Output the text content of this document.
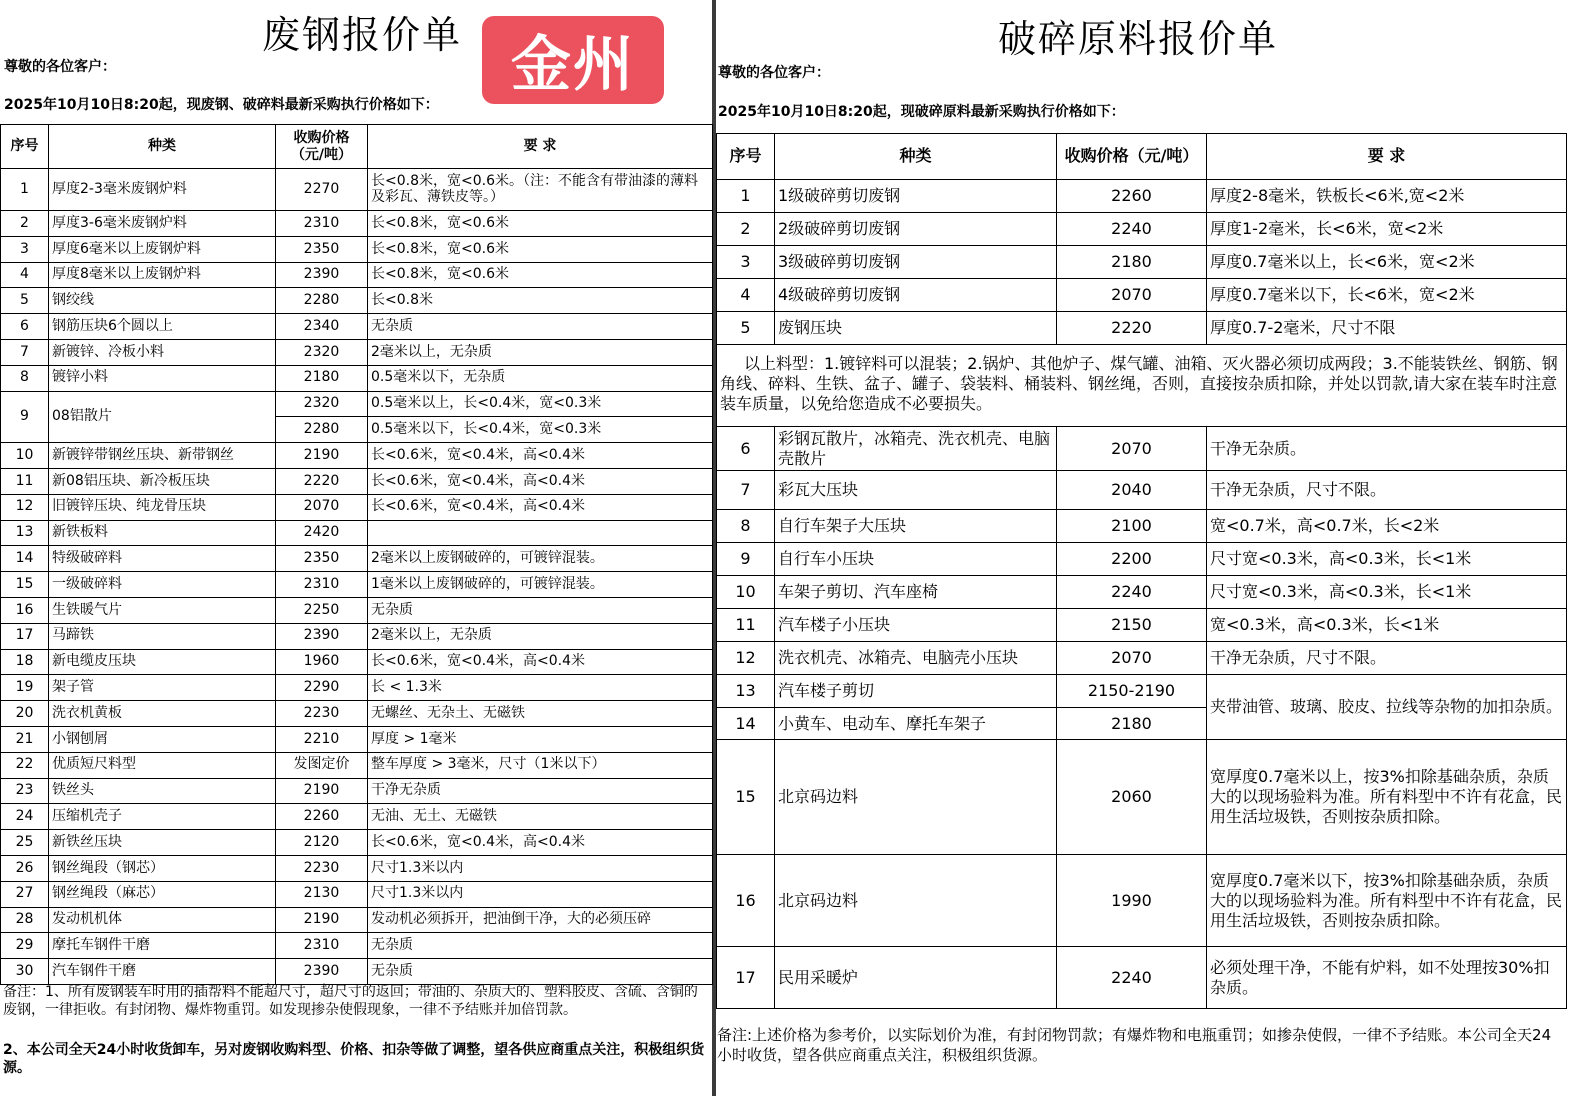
废钢报价单
尊敬的各位客户：
2025年10月10日8:20起，现废钢、破碎料最新采购执行价格如下：
序号	种类	收购价格（元/吨）	要 求
1	厚度2-3毫米废钢炉料	2270	长<0.8米，宽<0.6米。（注：不能含有带油漆的薄料及彩瓦、薄铁皮等。）
2	厚度3-6毫米废钢炉料	2310	长<0.8米，宽<0.6米
3	厚度6毫米以上废钢炉料	2350	长<0.8米，宽<0.6米
4	厚度8毫米以上废钢炉料	2390	长<0.8米，宽<0.6米
5	钢绞线	2280	长<0.8米
6	钢筋压块6个圆以上	2340	无杂质
7	新镀锌、冷板小料	2320	2毫米以上，无杂质
8	镀锌小料	2180	0.5毫米以下，无杂质
9	08铝散片	2320	0.5毫米以上，长<0.4米，宽<0.3米
		2280	0.5毫米以下，长<0.4米，宽<0.3米
10	新镀锌带钢丝压块、新带钢丝	2190	长<0.6米，宽<0.4米，高<0.4米
11	新08铝压块、新冷板压块	2220	长<0.6米，宽<0.4米，高<0.4米
12	旧镀锌压块、纯龙骨压块	2070	长<0.6米，宽<0.4米，高<0.4米
13	新铁板料	2420	
14	特级破碎料	2350	2毫米以上废钢破碎的，可镀锌混装。
15	一级破碎料	2310	1毫米以上废钢破碎的，可镀锌混装。
16	生铁暖气片	2250	无杂质
17	马蹄铁	2390	2毫米以上，无杂质
18	新电缆皮压块	1960	长<0.6米，宽<0.4米，高<0.4米
19	架子管	2290	长 < 1.3米
20	洗衣机黄板	2230	无螺丝、无杂土、无磁铁
21	小钢刨屑	2210	厚度 > 1毫米
22	优质短尺料型	发图定价	整车厚度 > 3毫米，尺寸（1米以下）
23	铁丝头	2190	干净无杂质
24	压缩机壳子	2260	无油、无土、无磁铁
25	新铁丝压块	2120	长<0.6米，宽<0.4米，高<0.4米
26	钢丝绳段（钢芯）	2230	尺寸1.3米以内
27	钢丝绳段（麻芯）	2130	尺寸1.3米以内
28	发动机机体	2190	发动机必须拆开，把油倒干净，大的必须压碎
29	摩托车钢件干磨	2310	无杂质
30	汽车钢件干磨	2390	无杂质
备注：1、所有废钢装车时用的插帮料不能超尺寸，超尺寸的返回；带油的、杂质大的、塑料胶皮、含硫、含铜的废钢，一律拒收。有封闭物、爆炸物重罚。如发现掺杂使假现象，一律不予结账并加倍罚款。
2、本公司全天24小时收货卸车，另对废钢收购料型、价格、扣杂等做了调整，望各供应商重点关注，积极组织货源。
金州	破碎原料报价单
尊敬的各位客户：
2025年10月10日8:20起，现破碎原料最新采购执行价格如下：
序号	种类	收购价格（元/吨）	要 求
1	1级破碎剪切废钢	2260	厚度2-8毫米，铁板长<6米,宽<2米
2	2级破碎剪切废钢	2240	厚度1-2毫米，长<6米，宽<2米
3	3级破碎剪切废钢	2180	厚度0.7毫米以上，长<6米，宽<2米
4	4级破碎剪切废钢	2070	厚度0.7毫米以下，长<6米，宽<2米
5	废钢压块	2220	厚度0.7-2毫米，尺寸不限
以上料型：1.镀锌料可以混装；2.锅炉、其他炉子、煤气罐、油箱、灭火器必须切成两段；3.不能装铁丝、钢筋、钢角线、碎料、生铁、盆子、罐子、袋装料、桶装料、钢丝绳，否则，直接按杂质扣除，并处以罚款,请大家在装车时注意装车质量，以免给您造成不必要损失。			
6	彩钢瓦散片，冰箱壳、洗衣机壳、电脑壳散片	2070	干净无杂质。
7	彩瓦大压块	2040	干净无杂质，尺寸不限。
8	自行车架子大压块	2100	宽<0.7米，高<0.7米，长<2米
9	自行车小压块	2200	尺寸宽<0.3米，高<0.3米，长<1米
10	车架子剪切、汽车座椅	2240	尺寸宽<0.3米，高<0.3米，长<1米
11	汽车楼子小压块	2150	宽<0.3米，高<0.3米，长<1米
12	洗衣机壳、冰箱壳、电脑壳小压块	2070	干净无杂质，尺寸不限。
13	汽车楼子剪切	2150-2190	夹带油管、玻璃、胶皮、拉线等杂物的加扣杂质。
14	小黄车、电动车、摩托车架子	2180	
15	北京码边料	2060	宽厚度0.7毫米以上，按3%扣除基础杂质，杂质大的以现场验料为准。所有料型中不许有花盒，民用生活垃圾铁，否则按杂质扣除。
16	北京码边料	1990	宽厚度0.7毫米以下，按3%扣除基础杂质，杂质大的以现场验料为准。所有料型中不许有花盒，民用生活垃圾铁，否则按杂质扣除。
17	民用采暖炉	2240	必须处理干净，不能有炉料，如不处理按30%扣杂质。
备注:上述价格为参考价，以实际划价为准，有封闭物罚款；有爆炸物和电瓶重罚；如掺杂使假，一律不予结账。本公司全天24小时收货，望各供应商重点关注，积极组织货源。
